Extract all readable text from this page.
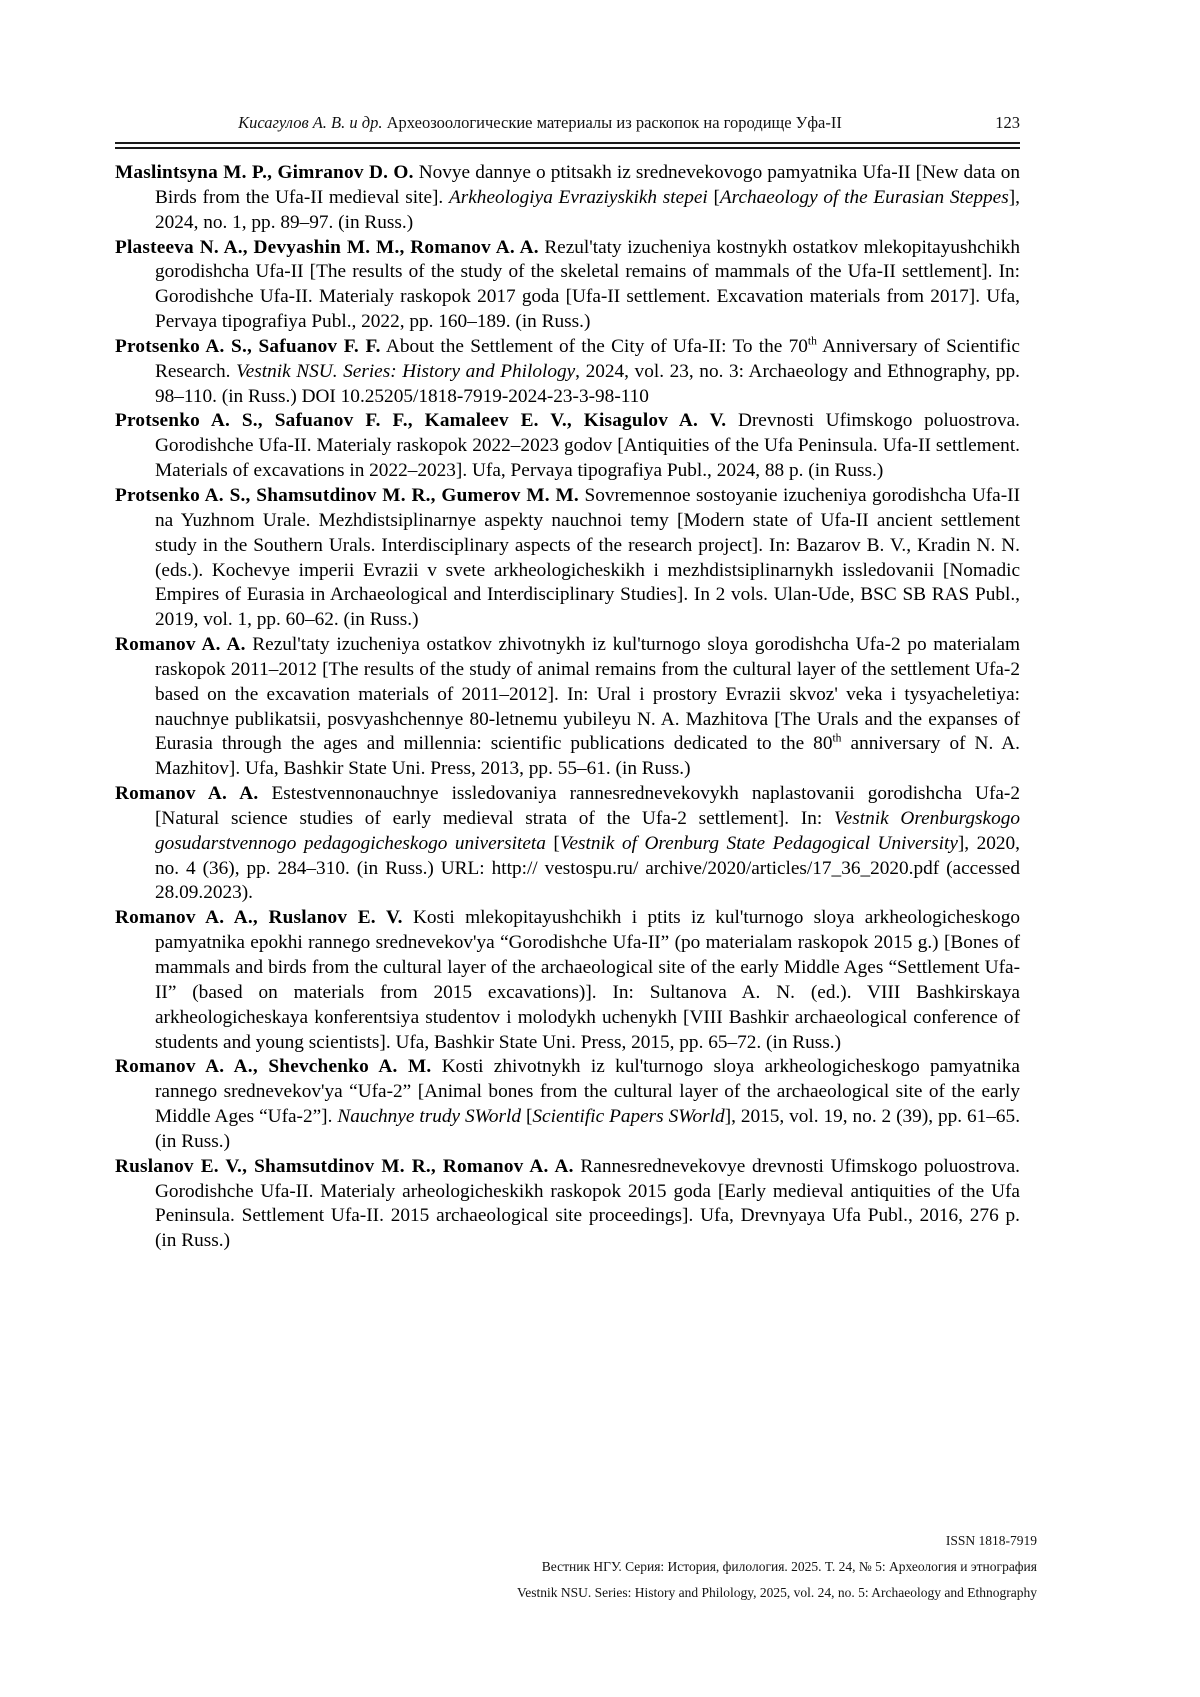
Кисагулов А. В. и др. Археозоологические материалы из раскопок на городище Уфа-II	123

Maslintsyna M. P., Gimranov D. O. Novye dannye o ptitsakh iz srednevekovogo pamyatnika Ufa-II [New data on Birds from the Ufa-II medieval site]. Arkheologiya Evraziyskikh stepei [Archaeology of the Eurasian Steppes], 2024, no. 1, pp. 89–97. (in Russ.)

Plasteeva N. A., Devyashin M. M., Romanov A. A. Rezul'taty izucheniya kostnykh ostatkov mlekopitayushchikh gorodishcha Ufa-II [The results of the study of the skeletal remains of mammals of the Ufa-II settlement]. In: Gorodishche Ufa-II. Materialy raskopok 2017 goda [Ufa-II settlement. Excavation materials from 2017]. Ufa, Pervaya tipografiya Publ., 2022, pp. 160–189. (in Russ.)

Protsenko A. S., Safuanov F. F. About the Settlement of the City of Ufa-II: To the 70th Anniversary of Scientific Research. Vestnik NSU. Series: History and Philology, 2024, vol. 23, no. 3: Archaeology and Ethnography, pp. 98–110. (in Russ.) DOI 10.25205/1818-7919-2024-23-3-98-110

Protsenko A. S., Safuanov F. F., Kamaleev E. V., Kisagulov A. V. Drevnosti Ufimskogo poluostrova. Gorodishche Ufa-II. Materialy raskopok 2022–2023 godov [Antiquities of the Ufa Peninsula. Ufa-II settlement. Materials of excavations in 2022–2023]. Ufa, Pervaya tipografiya Publ., 2024, 88 p. (in Russ.)

Protsenko A. S., Shamsutdinov M. R., Gumerov M. M. Sovremennoe sostoyanie izucheniya gorodishcha Ufa-II na Yuzhnom Urale. Mezhdistsiplinarnye aspekty nauchnoi temy [Modern state of Ufa-II ancient settlement study in the Southern Urals. Interdisciplinary aspects of the research project]. In: Bazarov B. V., Kradin N. N. (eds.). Kochevye imperii Evrazii v svete arkheologicheskikh i mezhdistsiplinarnykh issledovanii [Nomadic Empires of Eurasia in Archaeological and Interdisciplinary Studies]. In 2 vols. Ulan-Ude, BSC SB RAS Publ., 2019, vol. 1, pp. 60–62. (in Russ.)

Romanov A. A. Rezul'taty izucheniya ostatkov zhivotnykh iz kul'turnogo sloya gorodishcha Ufa-2 po materialam raskopok 2011–2012 [The results of the study of animal remains from the cultural layer of the settlement Ufa-2 based on the excavation materials of 2011–2012]. In: Ural i prostory Evrazii skvoz' veka i tysyacheletiya: nauchnye publikatsii, posvyashchennye 80-letnemu yubileyu N. A. Mazhitova [The Urals and the expanses of Eurasia through the ages and millennia: scientific publications dedicated to the 80th anniversary of N. A. Mazhitov]. Ufa, Bashkir State Uni. Press, 2013, pp. 55–61. (in Russ.)

Romanov A. A. Estestvennonauchnye issledovaniya rannesrednevekovykh naplastovanii gorodishcha Ufa-2 [Natural science studies of early medieval strata of the Ufa-2 settlement]. In: Vestnik Orenburgskogo gosudarstvennogo pedagogicheskogo universiteta [Vestnik of Orenburg State Pedagogical University], 2020, no. 4 (36), pp. 284–310. (in Russ.) URL: http:// vestospu.ru/ archive/2020/articles/17_36_2020.pdf (accessed 28.09.2023).

Romanov A. A., Ruslanov E. V. Kosti mlekopitayushchikh i ptits iz kul'turnogo sloya arkheologicheskogo pamyatnika epokhi rannego srednevekov'ya “Gorodishche Ufa-II” (po materialam raskopok 2015 g.) [Bones of mammals and birds from the cultural layer of the archaeological site of the early Middle Ages “Settlement Ufa-II” (based on materials from 2015 excavations)]. In: Sultanova A. N. (ed.). VIII Bashkirskaya arkheologicheskaya konferentsiya studentov i molodykh uchenykh [VIII Bashkir archaeological conference of students and young scientists]. Ufa, Bashkir State Uni. Press, 2015, pp. 65–72. (in Russ.)

Romanov A. A., Shevchenko A. M. Kosti zhivotnykh iz kul'turnogo sloya arkheologicheskogo pamyatnika rannego srednevekov'ya “Ufa-2” [Animal bones from the cultural layer of the archaeological site of the early Middle Ages “Ufa-2”]. Nauchnye trudy SWorld [Scientific Papers SWorld], 2015, vol. 19, no. 2 (39), pp. 61–65. (in Russ.)

Ruslanov E. V., Shamsutdinov M. R., Romanov A. A. Rannesrednevekovye drevnosti Ufimskogo poluostrova. Gorodishche Ufa-II. Materialy arheologicheskikh raskopok 2015 goda [Early medieval antiquities of the Ufa Peninsula. Settlement Ufa-II. 2015 archaeological site proceedings]. Ufa, Drevnyaya Ufa Publ., 2016, 276 p. (in Russ.)

ISSN 1818-7919
Вестник НГУ. Серия: История, филология. 2025. Т. 24, № 5: Археология и этнография
Vestnik NSU. Series: History and Philology, 2025, vol. 24, no. 5: Archaeology and Ethnography
